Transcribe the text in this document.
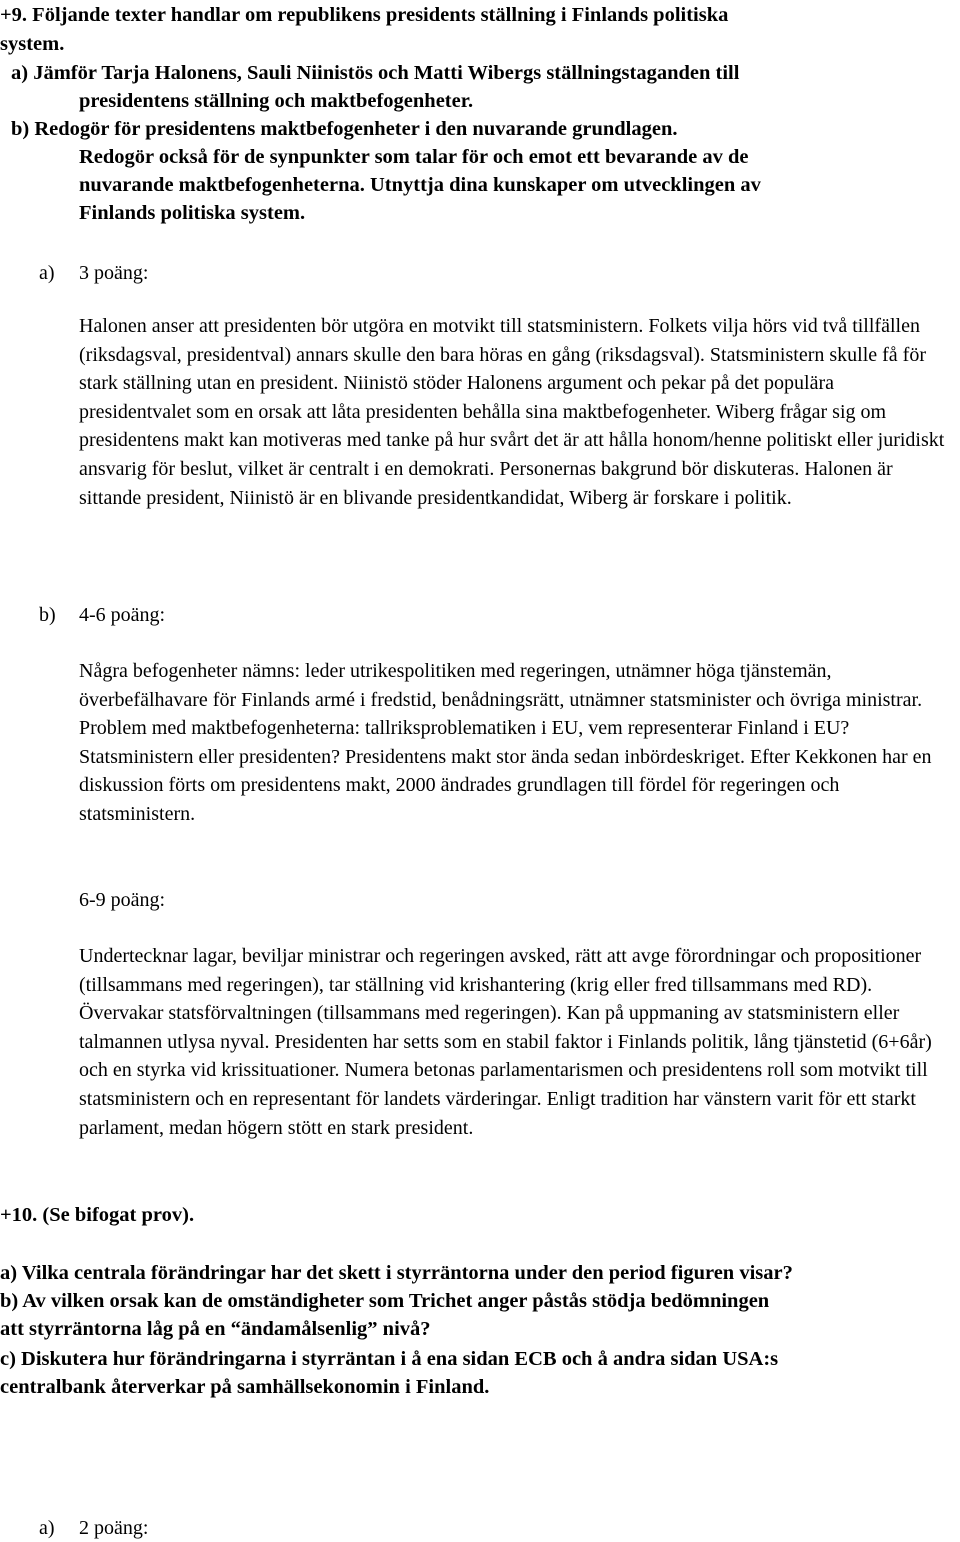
+9. Följande texter handlar om republikens presidents ställning i Finlands politiska
system.
a) Jämför Tarja Halonens, Sauli Niinistös och Matti Wibergs ställningstaganden till
presidentens ställning och maktbefogenheter.
b) Redogör för presidentens maktbefogenheter i den nuvarande grundlagen.
Redogör också för de synpunkter som talar för och emot ett bevarande av de
nuvarande maktbefogenheterna. Utnyttja dina kunskaper om utvecklingen av
Finlands politiska system.
a) 3 poäng:

Halonen anser att presidenten bör utgöra en motvikt till statsministern. Folkets vilja hörs vid två tillfällen (riksdagsval, presidentval) annars skulle den bara höras en gång (riksdagsval). Statsministern skulle få för stark ställning utan en president. Niinistö stöder Halonens argument och pekar på det populära presidentvalet som en orsak att låta presidenten behålla sina maktbefogenheter. Wiberg frågar sig om presidentens makt kan motiveras med tanke på hur svårt det är att hålla honom/henne politiskt eller juridiskt ansvarig för beslut, vilket är centralt i en demokrati. Personernas bakgrund bör diskuteras. Halonen är sittande president, Niinistö är en blivande presidentkandidat, Wiberg är forskare i politik.

b) 4-6 poäng:

Några befogenheter nämns: leder utrikespolitiken med regeringen, utnämner höga tjänstemän, överbefälhavare för Finlands armé i fredstid, benådningsrätt, utnämner statsminister och övriga ministrar. Problem med maktbefogenheterna: tallriksproblematiken i EU, vem representerar Finland i EU? Statsministern eller presidenten? Presidentens makt stor ända sedan inbördeskriget. Efter Kekkonen har en diskussion förts om presidentens makt, 2000 ändrades grundlagen till fördel för regeringen och statsministern.

6-9 poäng:

Undertecknar lagar, beviljar ministrar och regeringen avsked, rätt att avge förordningar och propositioner (tillsammans med regeringen), tar ställning vid krishantering (krig eller fred tillsammans med RD). Övervakar statsförvaltningen (tillsammans med regeringen). Kan på uppmaning av statsministern eller talmannen utlysa nyval. Presidenten har setts som en stabil faktor i Finlands politik, lång tjänstetid (6+6år) och en styrka vid krissituationer. Numera betonas parlamentarismen och presidentens roll som motvikt till statsministern och en representant för landets värderingar. Enligt tradition har vänstern varit för ett starkt parlament, medan högern stött en stark president.

+10. (Se bifogat prov).
a) Vilka centrala förändringar har det skett i styrräntorna under den period figuren visar?
b) Av vilken orsak kan de omständigheter som Trichet anger påstås stödja bedömningen
att styrräntorna låg på en “ändamålsenlig” nivå?
c) Diskutera hur förändringarna i styrräntan i å ena sidan ECB och å andra sidan USA:s
centralbank återverkar på samhällsekonomin i Finland.
a) 2 poäng:
